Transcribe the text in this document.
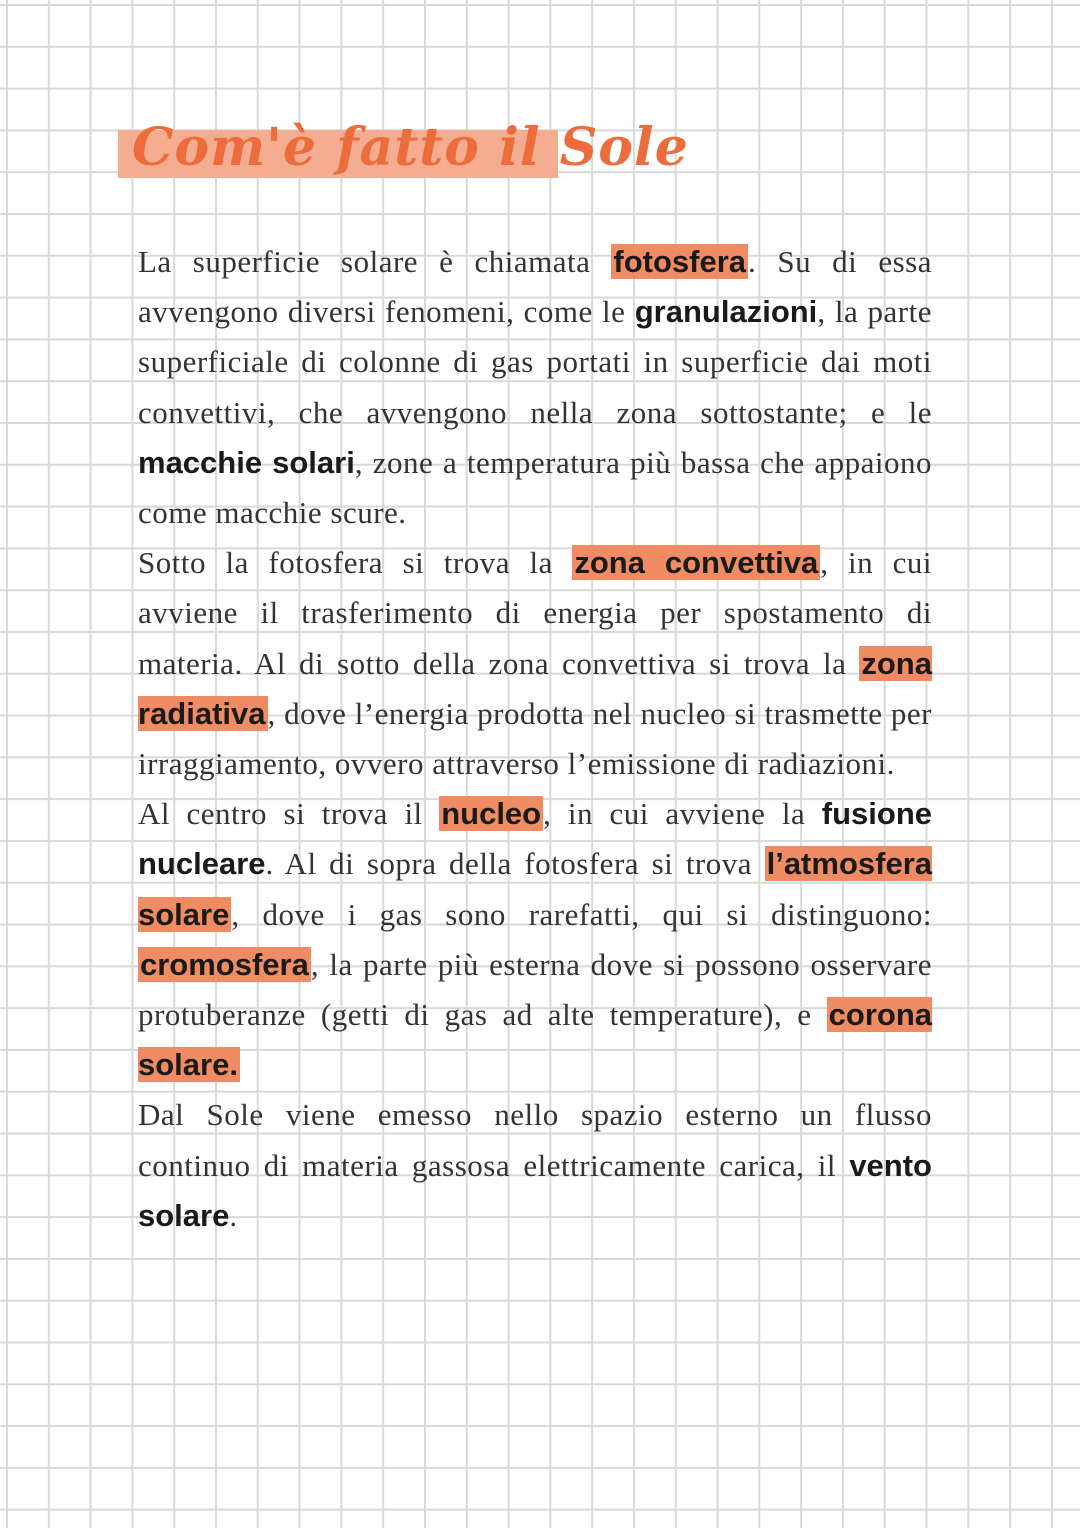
Com'è fatto il Sole

La superficie solare è chiamata fotosfera. Su di essa avvengono diversi fenomeni, come le granulazioni, la parte superficiale di colonne di gas portati in superficie dai moti convettivi, che avvengono nella zona sottostante; e le macchie solari, zone a temperatura più bassa che appaiono come macchie scure.

Sotto la fotosfera si trova la zona convettiva, in cui avviene il trasferimento di energia per spostamento di materia. Al di sotto della zona convettiva si trova la zona radiativa, dove l’energia prodotta nel nucleo si trasmette per irraggiamento, ovvero attraverso l’emissione di radiazioni.

Al centro si trova il nucleo, in cui avviene la fusione nucleare. Al di sopra della fotosfera si trova l’atmosfera solare, dove i gas sono rarefatti, qui si distinguono: cromosfera, la parte più esterna dove si possono osservare protuberanze (getti di gas ad alte temperature), e corona solare.

Dal Sole viene emesso nello spazio esterno un flusso continuo di materia gassosa elettricamente carica, il vento solare.
